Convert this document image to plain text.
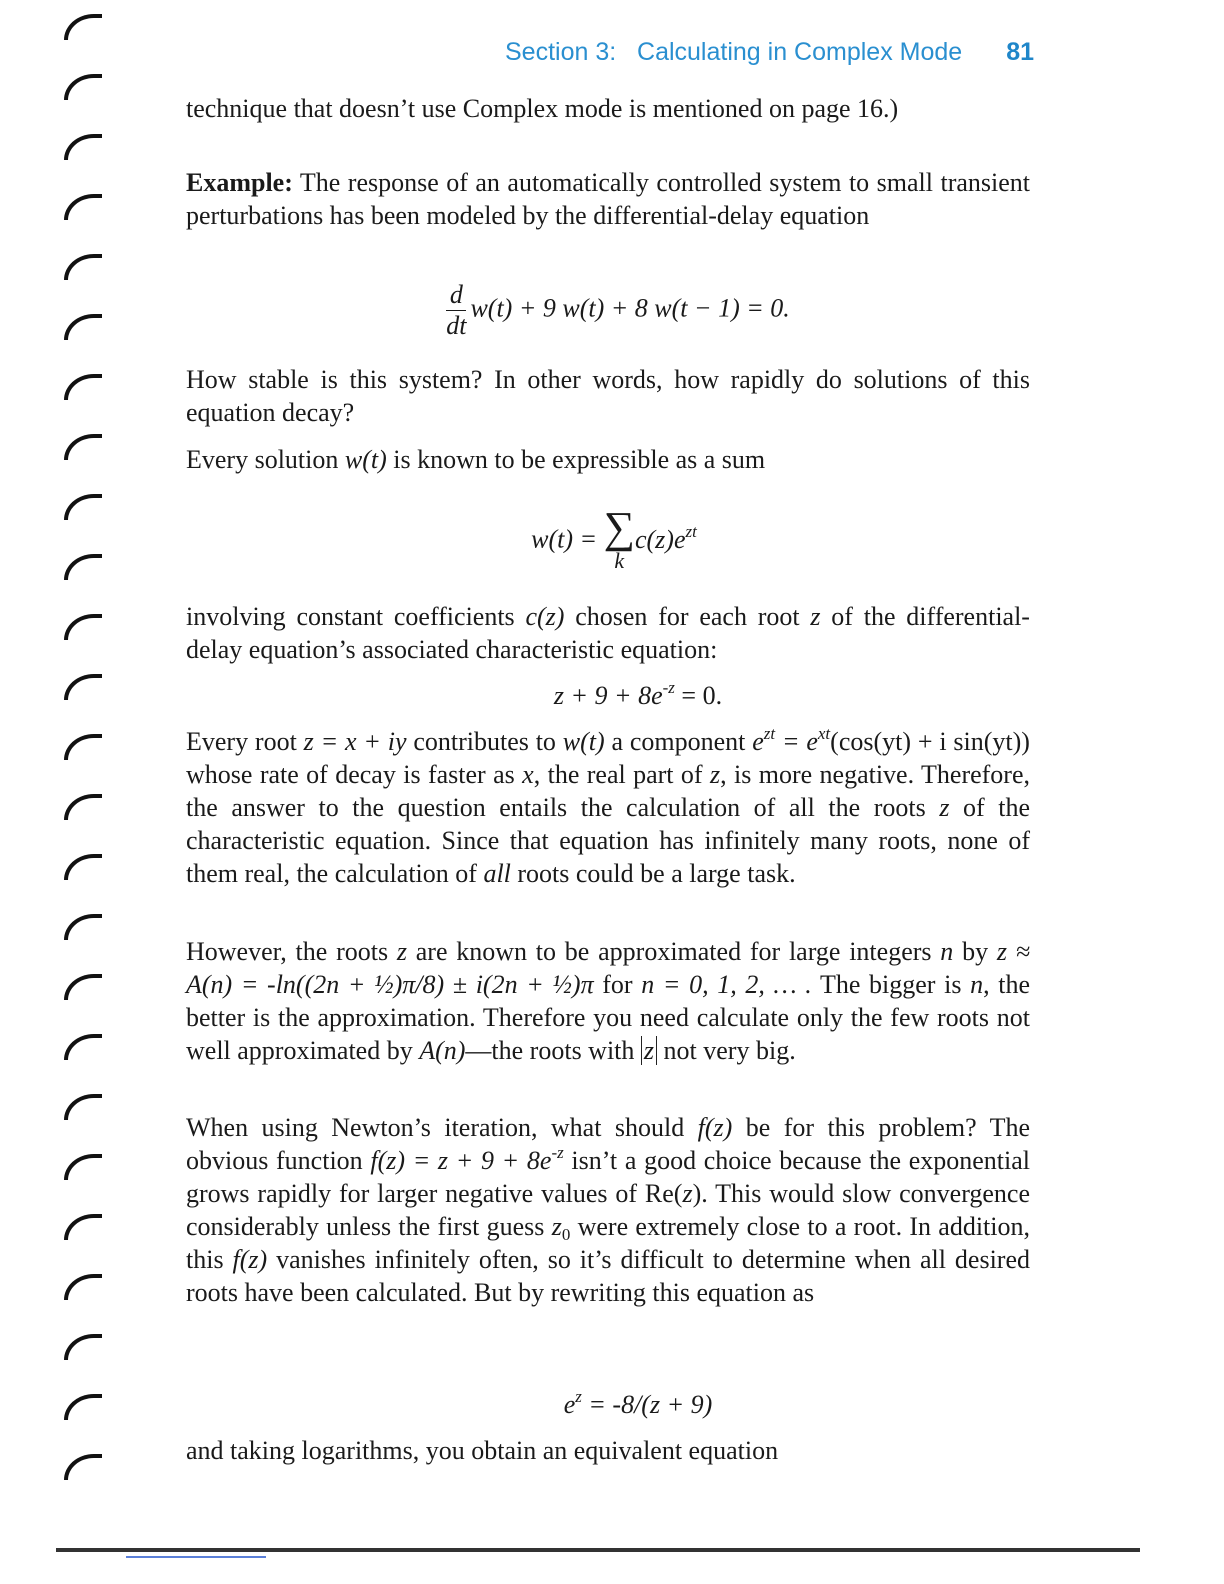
Section 3:   Calculating in Complex Mode 81
technique that doesn’t use Complex mode is mentioned on page 16.)
Example: The response of an automatically controlled system to small transient perturbations has been modeled by the differential-delay equation
$\frac{d}{dt} w(t) + 9$ w(t) + 8 w(t − 1) = 0.
How stable is this system? In other words, how rapidly do solutions of this equation decay?
Every solution w(t) is known to be expressible as a sum
w(t) = ∑
k
$c(z)e^{zt}$
involving constant coefficients c(z) chosen for each root z of the differential-delay equation’s associated characteristic equation:
$z + 9 + 8e^{-z} = 0$.
Every root z = x + iy contributes to w(t) a component $e^{zt} = e^{xt}(\cos(yt) + i$ sin(yt)) whose rate of decay is faster as x, the real part of z, is more negative. Therefore, the answer to the question entails the calculation of all the roots z of the characteristic equation. Since that equation has infinitely many roots, none of them real, the calculation of all roots could be a large task.
However, the roots z are known to be approximated for large integers n by z ≈ A(n) = -ln((2n + ½)π/8) ± i(2n + ½)π for n = 0, 1, 2, … . The bigger is n, the better is the approximation. Therefore you need calculate only the few roots not well approximated by A(n)—the roots with z not very big.
When using Newton’s iteration, what should f(z) be for this problem? The obvious function $f(z) = z + 9 + 8e^{-z}$ isn’t a good choice because the exponential grows rapidly for larger negative values of Re(z). This would slow convergence considerably unless the first guess $z_0$ were extremely close to a root. In addition, this f(z) vanishes infinitely often, so it’s difficult to determine when all desired roots have been calculated. But by rewriting this equation as
$e^z = -8/(z + 9)$
and taking logarithms, you obtain an equivalent equation
